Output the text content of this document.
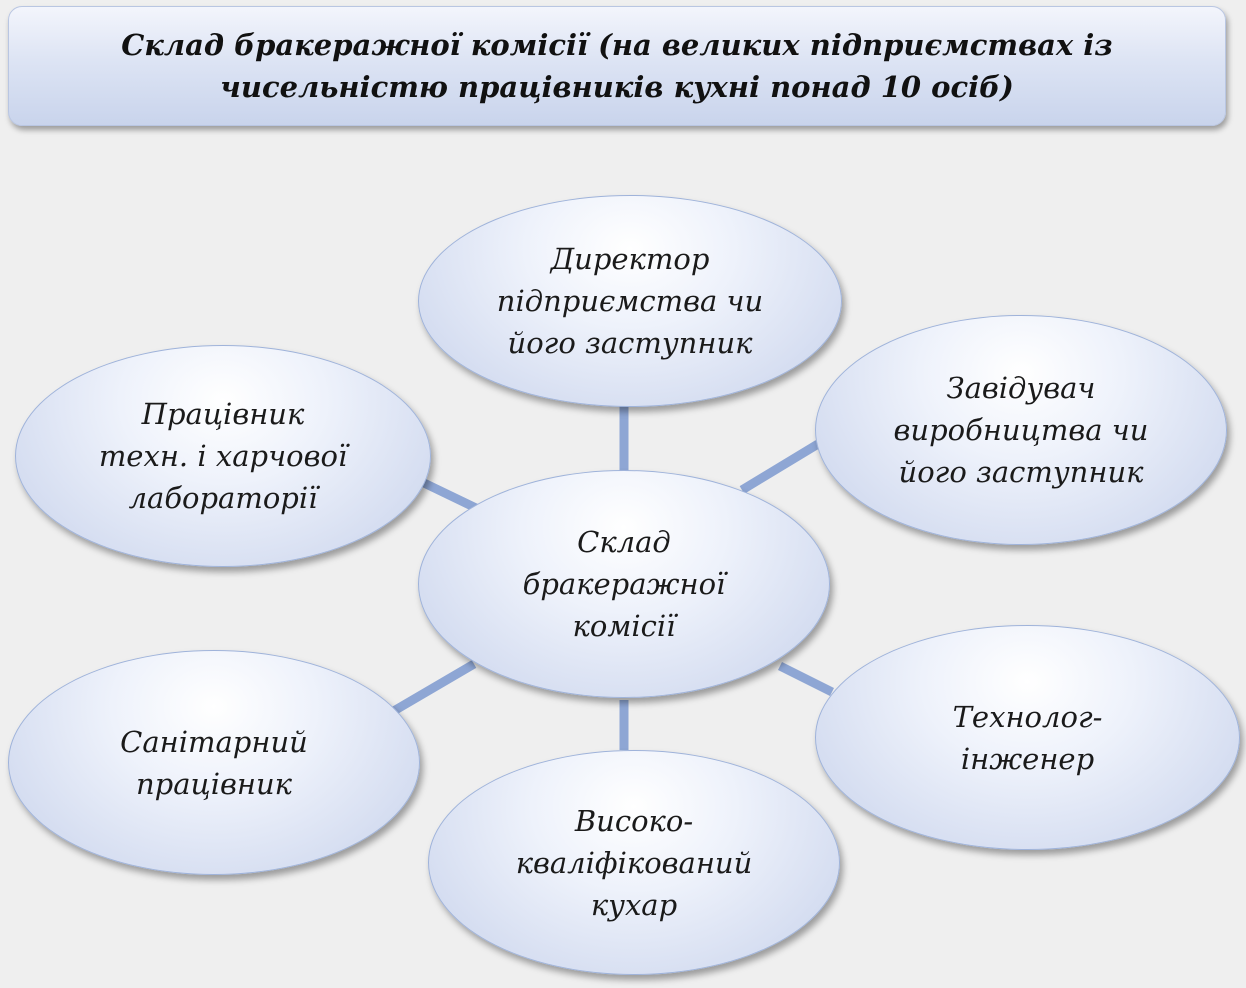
Склад бракеражної комісії (на великих підприємствах із
чисельністю працівників кухні понад 10 осіб)
Директор
підприємства чи
його заступник
Завідувач
виробництва чи
його заступник
Працівник
техн. і харчової
лабораторії
Склад
бракеражної
комісії
Технолог-
інженер
Санітарний
працівник
Високо-
кваліфікований
кухар
